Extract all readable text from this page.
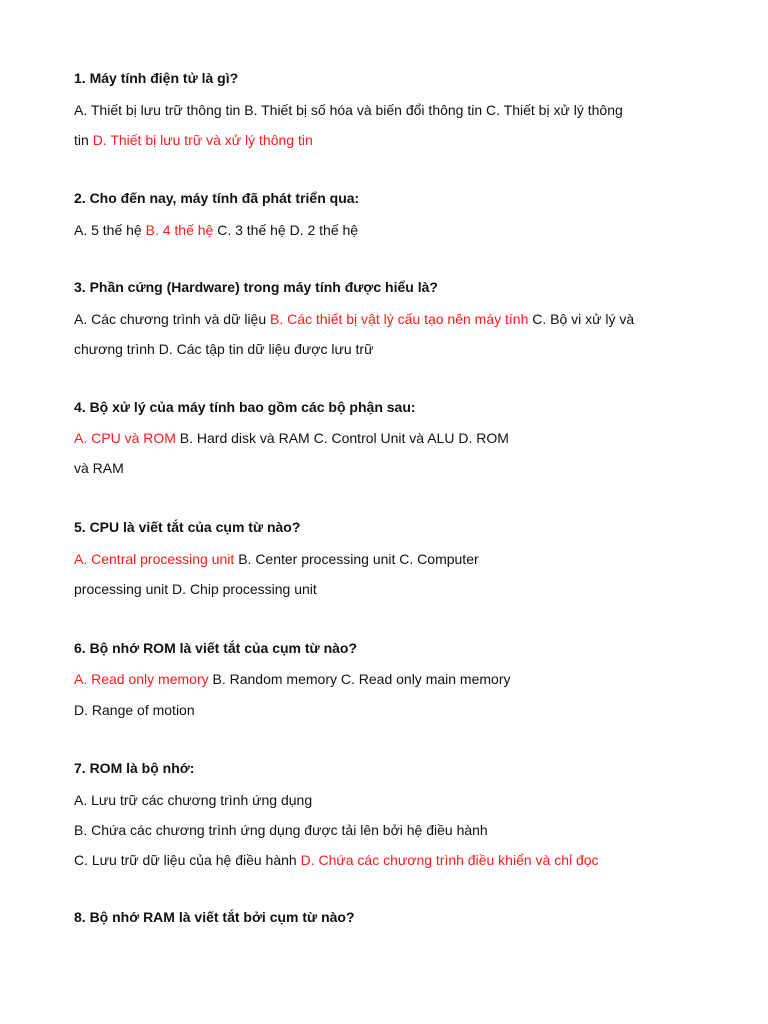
1. Máy tính điện tử là gì?
A. Thiết bị lưu trữ thông tin B. Thiết bị số hóa và biến đổi thông tin C. Thiết bị xử lý thông
tin D. Thiết bị lưu trữ và xử lý thông tin
2. Cho đến nay, máy tính đã phát triển qua:
A. 5 thế hệ B. 4 thế hệ C. 3 thế hệ D. 2 thế hệ
3. Phần cứng (Hardware) trong máy tính được hiểu là?
A. Các chương trình và dữ liệu B. Các thiết bị vật lý cấu tạo nên máy tính C. Bộ vi xử lý và
chương trình D. Các tập tin dữ liệu được lưu trữ
4. Bộ xử lý của máy tính bao gồm các bộ phận sau:
A. CPU và ROM B. Hard disk và RAM C. Control Unit và ALU D. ROM
và RAM
5. CPU là viết tắt của cụm từ nào?
A. Central processing unit B. Center processing unit C. Computer
processing unit D. Chip processing unit
6. Bộ nhớ ROM là viết tắt của cụm từ nào?
A. Read only memory B. Random memory C. Read only main memory
D. Range of motion
7. ROM là bộ nhớ:
A. Lưu trữ các chương trình ứng dụng
B. Chứa các chương trình ứng dụng được tải lên bởi hệ điều hành
C. Lưu trữ dữ liệu của hệ điều hành D. Chứa các chương trình điều khiển và chỉ đọc
8. Bộ nhớ RAM là viết tắt bởi cụm từ nào?
